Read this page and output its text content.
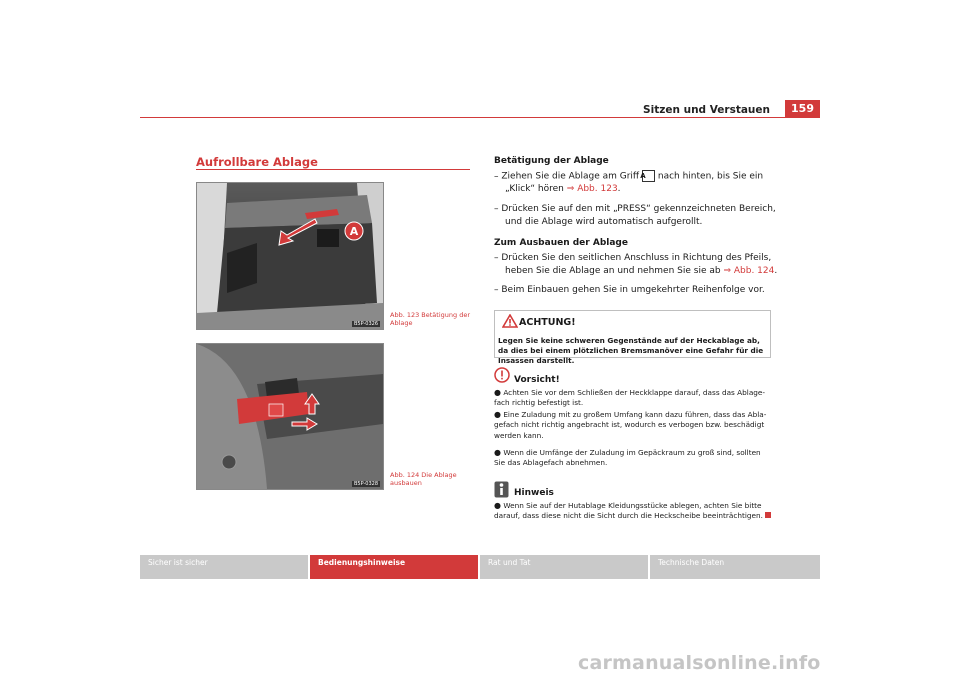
Sitzen und Verstauen	159
Aufrollbare Ablage
A
B5P-0326
Abb. 123 Betätigung der Ablage
B5P-0328
Abb. 124 Die Ablage ausbauen
Betätigung der Ablage
– Ziehen Sie die Ablage am Griff A nach hinten, bis Sie ein „Klick“ hören ⇒ Abb. 123.
– Drücken Sie auf den mit „PRESS“ gekennzeichneten Bereich, und die Ablage wird automatisch aufgerollt.
Zum Ausbauen der Ablage
– Drücken Sie den seitlichen Anschluss in Richtung des Pfeils, heben Sie die Ablage an und nehmen Sie sie ab ⇒ Abb. 124.
– Beim Einbauen gehen Sie in umgekehrter Reihenfolge vor.
ACHTUNG!
Legen Sie keine schweren Gegenstände auf der Heckablage ab, da dies bei einem plötzlichen Bremsmanöver eine Gefahr für die Insassen darstellt.
Vorsicht!
● Achten Sie vor dem Schließen der Heckklappe darauf, dass das Ablage-fach richtig befestigt ist.
● Eine Zuladung mit zu großem Umfang kann dazu führen, dass das Abla-gefach nicht richtig angebracht ist, wodurch es verbogen bzw. beschädigt werden kann.
● Wenn die Umfänge der Zuladung im Gepäckraum zu groß sind, sollten Sie das Ablagefach abnehmen.
Hinweis
● Wenn Sie auf der Hutablage Kleidungsstücke ablegen, achten Sie bitte darauf, dass diese nicht die Sicht durch die Heckscheibe beeinträchtigen.
Sicher ist sicher	Bedienungshinweise	Rat und Tat	Technische Daten
carmanualsonline.info
